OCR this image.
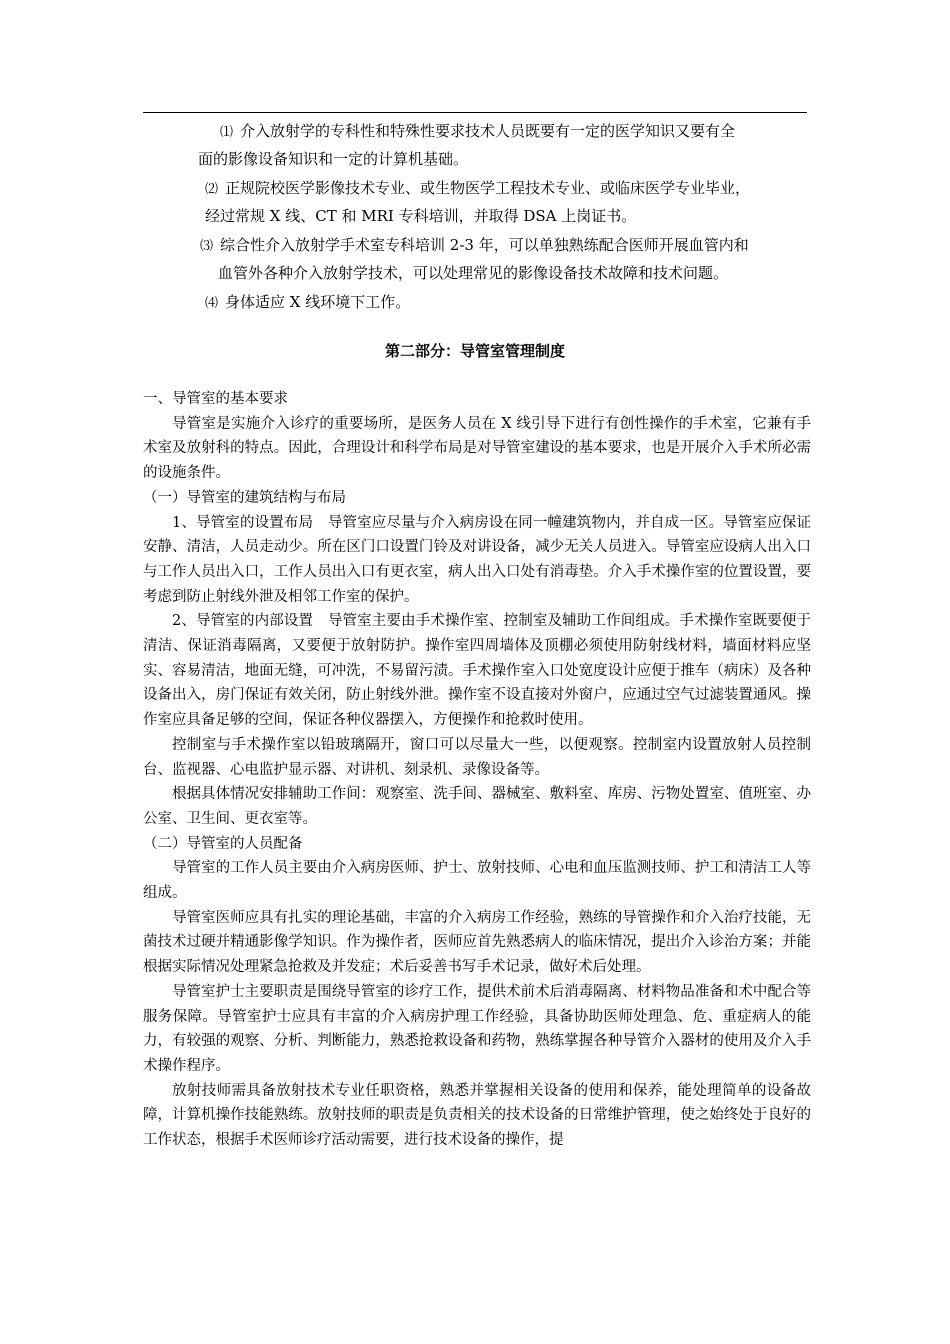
⑴ 介入放射学的专科性和特殊性要求技术人员既要有一定的医学知识又要有全
面的影像设备知识和一定的计算机基础。
⑵ 正规院校医学影像技术专业、或生物医学工程技术专业、或临床医学专业毕业，
经过常规 X 线、CT 和 MRI 专科培训，并取得 DSA 上岗证书。
⑶ 综合性介入放射学手术室专科培训 2-3 年，可以单独熟练配合医师开展血管内和
血管外各种介入放射学技术，可以处理常见的影像设备技术故障和技术问题。
⑷ 身体适应 X 线环境下工作。
第二部分：导管室管理制度

一、导管室的基本要求

导管室是实施介入诊疗的重要场所，是医务人员在 X 线引导下进行有创性操作的手术室，它兼有手术室及放射科的特点。因此，合理设计和科学布局是对导管室建设的基本要求，也是开展介入手术所必需的设施条件。

（一）导管室的建筑结构与布局

1、导管室的设置布局　导管室应尽量与介入病房设在同一幢建筑物内，并自成一区。导管室应保证安静、清洁，人员走动少。所在区门口设置门铃及对讲设备，减少无关人员进入。导管室应设病人出入口与工作人员出入口，工作人员出入口有更衣室，病人出入口处有消毒垫。介入手术操作室的位置设置，要考虑到防止射线外泄及相邻工作室的保护。

2、导管室的内部设置　导管室主要由手术操作室、控制室及辅助工作间组成。手术操作室既要便于清洁、保证消毒隔离，又要便于放射防护。操作室四周墙体及顶棚必须使用防射线材料，墙面材料应坚实、容易清洁，地面无缝，可冲洗，不易留污渍。手术操作室入口处宽度设计应便于推车（病床）及各种设备出入，房门保证有效关闭，防止射线外泄。操作室不设直接对外窗户，应通过空气过滤装置通风。操作室应具备足够的空间，保证各种仪器摆入，方便操作和抢救时使用。

控制室与手术操作室以铅玻璃隔开，窗口可以尽量大一些，以便观察。控制室内设置放射人员控制台、监视器、心电监护显示器、对讲机、刻录机、录像设备等。

根据具体情况安排辅助工作间：观察室、洗手间、器械室、敷料室、库房、污物处置室、值班室、办公室、卫生间、更衣室等。

（二）导管室的人员配备

导管室的工作人员主要由介入病房医师、护士、放射技师、心电和血压监测技师、护工和清洁工人等组成。

导管室医师应具有扎实的理论基础，丰富的介入病房工作经验，熟练的导管操作和介入治疗技能，无菌技术过硬并精通影像学知识。作为操作者，医师应首先熟悉病人的临床情况，提出介入诊治方案；并能根据实际情况处理紧急抢救及并发症；术后妥善书写手术记录，做好术后处理。

导管室护士主要职责是围绕导管室的诊疗工作，提供术前术后消毒隔离、材料物品准备和术中配合等服务保障。导管室护士应具有丰富的介入病房护理工作经验，具备协助医师处理急、危、重症病人的能力，有较强的观察、分析、判断能力，熟悉抢救设备和药物，熟练掌握各种导管介入器材的使用及介入手术操作程序。

放射技师需具备放射技术专业任职资格，熟悉并掌握相关设备的使用和保养，能处理简单的设备故障，计算机操作技能熟练。放射技师的职责是负责相关的技术设备的日常维护管理，使之始终处于良好的工作状态，根据手术医师诊疗活动需要，进行技术设备的操作，提
